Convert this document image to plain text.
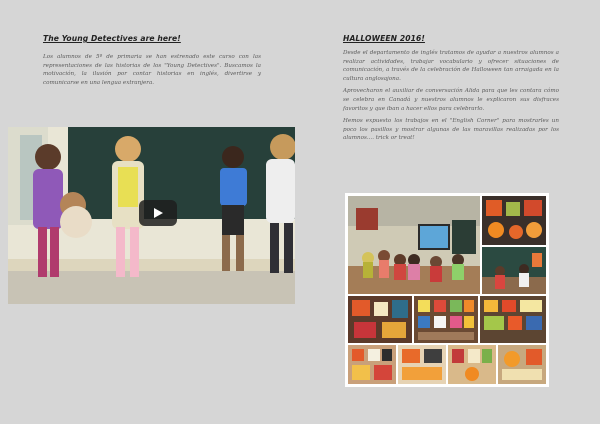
The Young Detectives are here!

Los alumnos de 5º de primaria se han estrenado este curso con las representaciones de las historias de los "Young Detectives". Buscamos la motivación, la ilusión por contar historias en inglés, divertirse y comunicarse en una lengua extranjera.

HALLOWEEN 2016!

Desde el departamento de inglés tratamos de ayudar a nuestros alumnos a realizar actividades, trabajar vocabulario y ofrecer situaciones de comunicación, a través de la celebración de Halloween tan arraigada en la cultura anglosajona.

Aprovecharon el auxiliar de conversación Alida para que les contara cómo se celebra en Canadá y nuestros alumnos le explicaron sus disfraces favoritos y que iban a hacer ellos para celebrarlo.

Hemos expuesto los trabajos en el "English Corner" para mostrarles un poco los pasillos y mostrar algunas de las maravillas realizadas por los alumnos.... trick or treat!
